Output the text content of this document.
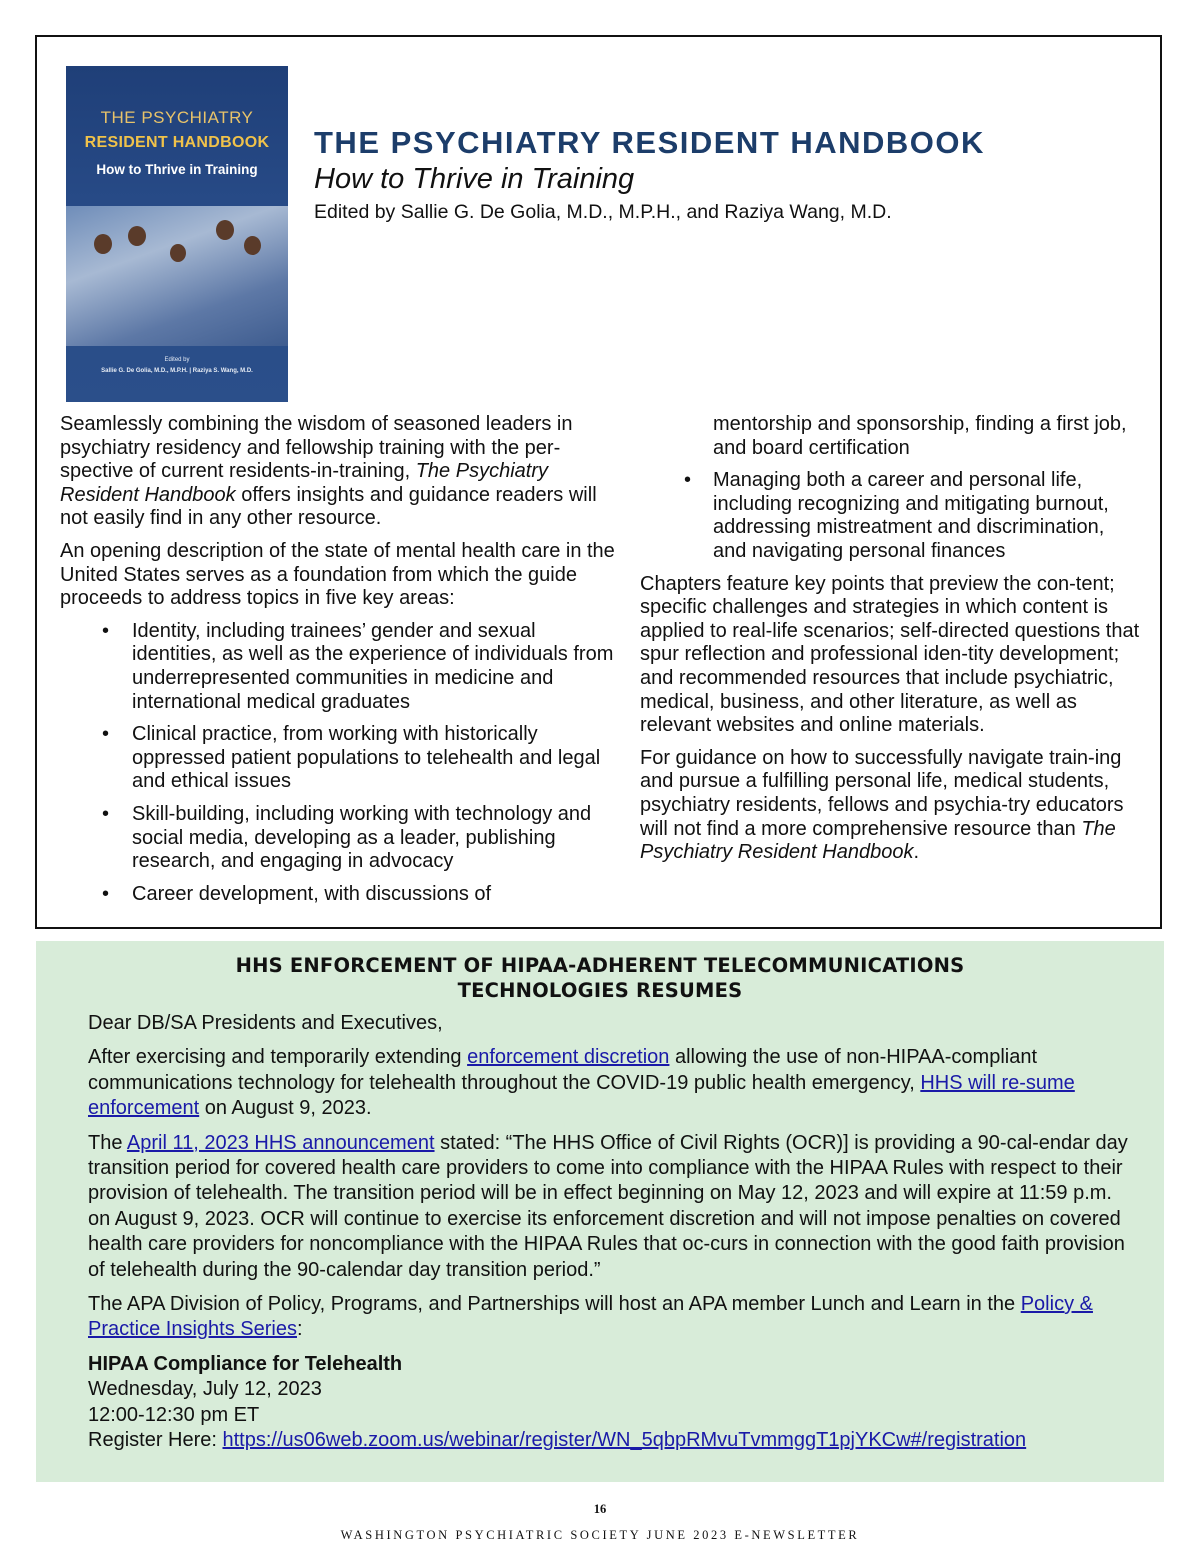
THE PSYCHIATRY
RESIDENT HANDBOOK
How to Thrive in Training
Edited by
Sallie G. De Golia, M.D., M.P.H. | Raziya S. Wang, M.D.
THE PSYCHIATRY RESIDENT HANDBOOK
How to Thrive in Training
Edited by Sallie G. De Golia, M.D., M.P.H., and Raziya Wang, M.D.

Seamlessly combining the wisdom of seasoned leaders in psychiatry residency and fellowship training with the per-spective of current residents-in-training, The Psychiatry Resident Handbook offers insights and guidance readers will not easily find in any other resource.

An opening description of the state of mental health care in the United States serves as a foundation from which the guide proceeds to address topics in five key areas:

• Identity, including trainees’ gender and sexual identities, as well as the experience of individuals from underrepresented communities in medicine and international medical graduates
• Clinical practice, from working with historically oppressed patient populations to telehealth and legal and ethical issues
• Skill-building, including working with technology and social media, developing as a leader, publishing research, and engaging in advocacy
• Career development, with discussions of
mentorship and sponsorship, finding a first job, and board certification
• Managing both a career and personal life, including recognizing and mitigating burnout, addressing mistreatment and discrimination, and navigating personal finances

Chapters feature key points that preview the con-tent; specific challenges and strategies in which content is applied to real-life scenarios; self-directed questions that spur reflection and professional iden-tity development; and recommended resources that include psychiatric, medical, business, and other literature, as well as relevant websites and online materials.

For guidance on how to successfully navigate train-ing and pursue a fulfilling personal life, medical students, psychiatry residents, fellows and psychia-try educators will not find a more comprehensive resource than The Psychiatry Resident Handbook.

HHS ENFORCEMENT OF HIPAA-ADHERENT TELECOMMUNICATIONS
TECHNOLOGIES RESUMES

Dear DB/SA Presidents and Executives,

After exercising and temporarily extending enforcement discretion allowing the use of non-HIPAA-compliant communications technology for telehealth throughout the COVID-19 public health emergency, HHS will re-sume enforcement on August 9, 2023.

The April 11, 2023 HHS announcement stated: “The HHS Office of Civil Rights (OCR)] is providing a 90-cal-endar day transition period for covered health care providers to come into compliance with the HIPAA Rules with respect to their provision of telehealth. The transition period will be in effect beginning on May 12, 2023 and will expire at 11:59 p.m. on August 9, 2023. OCR will continue to exercise its enforcement discretion and will not impose penalties on covered health care providers for noncompliance with the HIPAA Rules that oc-curs in connection with the good faith provision of telehealth during the 90-calendar day transition period.”

The APA Division of Policy, Programs, and Partnerships will host an APA member Lunch and Learn in the Policy & Practice Insights Series:

HIPAA Compliance for Telehealth
Wednesday, July 12, 2023
12:00-12:30 pm ET
Register Here: https://us06web.zoom.us/webinar/register/WN_5qbpRMvuTvmmggT1pjYKCw#/registration
16
WASHINGTON PSYCHIATRIC SOCIETY JUNE 2023 E-NEWSLETTER
